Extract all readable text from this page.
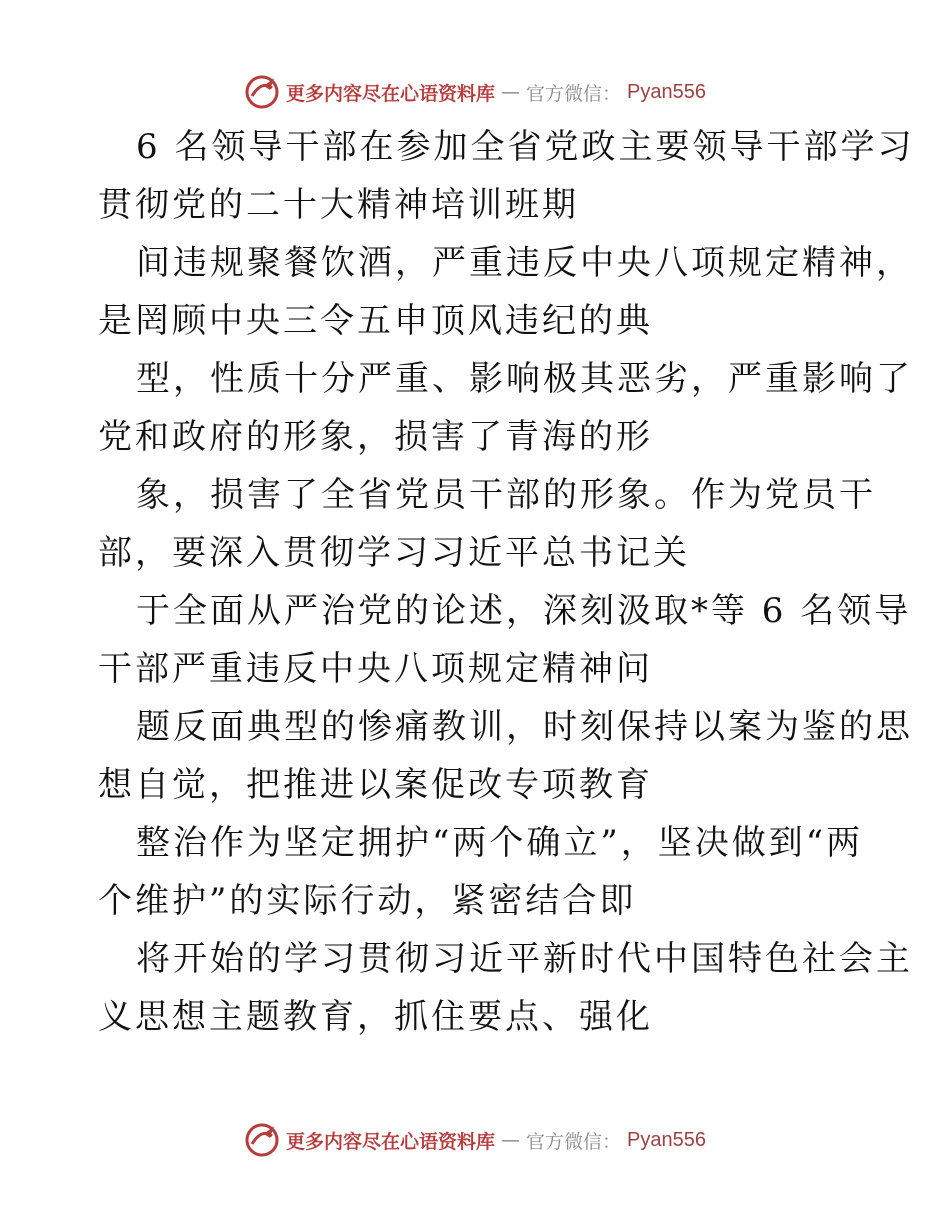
更多内容尽在心语资料库 — 官方微信： Pyan556

6 名领导干部在参加全省党政主要领导干部学习
贯彻党的二十大精神培训班期

间违规聚餐饮酒，严重违反中央八项规定精神，
是罔顾中央三令五申顶风违纪的典

型，性质十分严重、影响极其恶劣，严重影响了
党和政府的形象，损害了青海的形

象，损害了全省党员干部的形象。作为党员干
部，要深入贯彻学习习近平总书记关

于全面从严治党的论述，深刻汲取*等 6 名领导
干部严重违反中央八项规定精神问

题反面典型的惨痛教训，时刻保持以案为鉴的思
想自觉，把推进以案促改专项教育

整治作为坚定拥护“两个确立”，坚决做到“两
个维护”的实际行动，紧密结合即

将开始的学习贯彻习近平新时代中国特色社会主
义思想主题教育，抓住要点、强化

更多内容尽在心语资料库 — 官方微信： Pyan556
